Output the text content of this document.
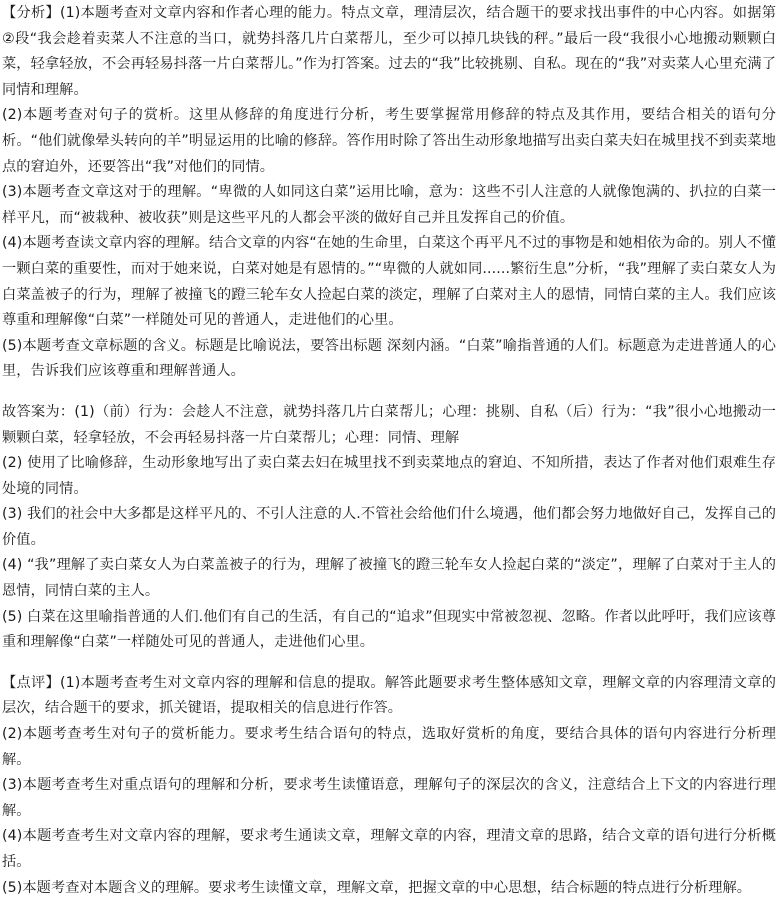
【分析】(1)本题考查对文章内容和作者心理的能力。特点文章，理清层次，结合题干的要求找出事件的中心内容。如据第②段“我会趁着卖菜人不注意的当口，就势抖落几片白菜帮儿，至少可以掉几块钱的秤。”最后一段“我很小心地搬动颗颗白菜，轻拿轻放，不会再轻易抖落一片白菜帮儿。”作为打答案。过去的“我”比较挑剔、自私。现在的“我”对卖菜人心里充满了同情和理解。

(2)本题考查对句子的赏析。这里从修辞的角度进行分析，考生要掌握常用修辞的特点及其作用，要结合相关的语句分析。“他们就像晕头转向的羊”明显运用的比喻的修辞。答作用时除了答出生动形象地描写出卖白菜夫妇在城里找不到卖菜地点的窘迫外，还要答出“我”对他们的同情。

(3)本题考查文章这对于的理解。“卑微的人如同这白菜”运用比喻，意为：这些不引人注意的人就像饱满的、扒拉的白菜一样平凡，而“被栽种、被收获”则是这些平凡的人都会平淡的做好自己并且发挥自己的价值。

(4)本题考查读文章内容的理解。结合文章的内容“在她的生命里，白菜这个再平凡不过的事物是和她相依为命的。别人不懂一颗白菜的重要性，而对于她来说，白菜对她是有恩情的。”“卑微的人就如同......繁衍生息”分析，“我”理解了卖白菜女人为白菜盖被子的行为，理解了被撞飞的蹬三轮车女人捡起白菜的淡定，理解了白菜对主人的恩情，同情白菜的主人。我们应该尊重和理解像“白菜”一样随处可见的普通人，走进他们的心里。

(5)本题考查文章标题的含义。标题是比喻说法，要答出标题 深刻内涵。“白菜”喻指普通的人们。标题意为走进普通人的心里，告诉我们应该尊重和理解普通人。

故答案为：(1)（前）行为：会趁人不注意，就势抖落几片白菜帮儿；心理：挑剔、自私（后）行为：“我”很小心地搬动一颗颗白菜，轻拿轻放，不会再轻易抖落一片白菜帮儿；心理：同情、理解

(2) 使用了比喻修辞，生动形象地写出了卖白菜去妇在城里找不到卖菜地点的窘迫、不知所措，表达了作者对他们艰难生存处境的同情。

(3) 我们的社会中大多都是这样平凡的、不引人注意的人.不管社会给他们什么境遇，他们都会努力地做好自己，发挥自己的价值。

(4) “我”理解了卖白菜女人为白菜盖被子的行为，理解了被撞飞的蹬三轮车女人捡起白菜的“淡定”，理解了白菜对于主人的恩情，同情白菜的主人。

(5) 白菜在这里喻指普通的人们.他们有自己的生活，有自己的“追求”但现实中常被忽视、忽略。作者以此呼吁，我们应该尊重和理解像“白菜”一样随处可见的普通人，走进他们心里。

【点评】(1)本题考查考生对文章内容的理解和信息的提取。解答此题要求考生整体感知文章，理解文章的内容理清文章的层次，结合题干的要求，抓关键语，提取相关的信息进行作答。

(2)本题考查考生对句子的赏析能力。要求考生结合语句的特点，选取好赏析的角度，要结合具体的语句内容进行分析理解。

(3)本题考查考生对重点语句的理解和分析，要求考生读懂语意，理解句子的深层次的含义，注意结合上下文的内容进行理解。

(4)本题考查考生对文章内容的理解，要求考生通读文章，理解文章的内容，理清文章的思路，结合文章的语句进行分析概括。

(5)本题考查对本题含义的理解。要求考生读懂文章，理解文章，把握文章的中心思想，结合标题的特点进行分析理解。
